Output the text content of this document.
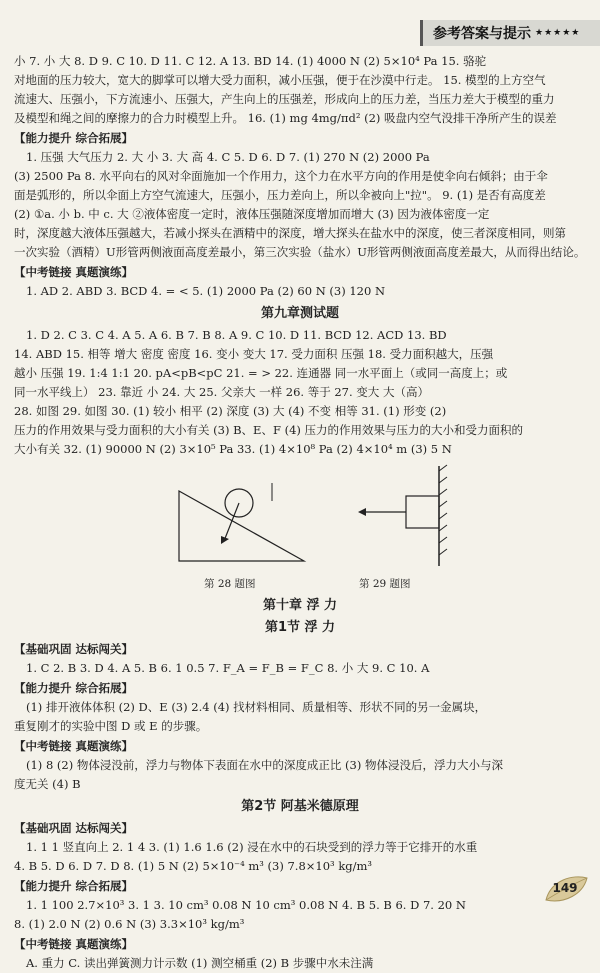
参考答案与提示 ★★★★★

小 7. 小 大 8. D 9. C 10. D 11. C 12. A 13. BD 14. (1) 4000 N (2) 5×10⁴ Pa 15. 骆驼

对地面的压力较大，宽大的脚掌可以增大受力面积，减小压强，便于在沙漠中行走。 15. 模型的上方空气

流速大、压强小，下方流速小、压强大，产生向上的压强差，形成向上的压力差，当压力差大于模型的重力

及模型和绳之间的摩擦力的合力时模型上升。 16. (1) mg 4mg/πd² (2) 吸盘内空气没排干净所产生的误差

【能力提升 综合拓展】

1. 压强 大气压力 2. 大 小 3. 大 高 4. C 5. D 6. D 7. (1) 270 N (2) 2000 Pa

(3) 2500 Pa 8. 水平向右的风对伞面施加一个作用力，这个力在水平方向的作用是使伞向右倾斜；由于伞

面是弧形的，所以伞面上方空气流速大，压强小，压力差向上，所以伞被向上"拉"。 9. (1) 是否有高度差

(2) ①a. 小 b. 中 c. 大 ②液体密度一定时，液体压强随深度增加而增大 (3) 因为液体密度一定

时，深度越大液体压强越大，若减小探头在酒精中的深度，增大探头在盐水中的深度，使三者深度相同，则第

一次实验（酒精）U形管两侧液面高度差最小，第三次实验（盐水）U形管两侧液面高度差最大，从而得出结论。

【中考链接 真题演练】

1. AD 2. ABD 3. BCD 4. = < 5. (1) 2000 Pa (2) 60 N (3) 120 N

第九章测试题

1. D 2. C 3. C 4. A 5. A 6. B 7. B 8. A 9. C 10. D 11. BCD 12. ACD 13. BD

14. ABD 15. 相等 增大 密度 密度 16. 变小 变大 17. 受力面积 压强 18. 受力面积越大，压强

越小 压强 19. 1:4 1:1 20. pA<pB<pC 21. = > 22. 连通器 同一水平面上（或同一高度上；或

同一水平线上） 23. 靠近 小 24. 大 25. 父亲大 一样 26. 等于 27. 变大 大（高）

28. 如图 29. 如图 30. (1) 较小 相平 (2) 深度 (3) 大 (4) 不变 相等 31. (1) 形变 (2)

压力的作用效果与受力面积的大小有关 (3) B、E、F (4) 压力的作用效果与压力的大小和受力面积的

大小有关 32. (1) 90000 N (2) 3×10⁵ Pa 33. (1) 4×10⁸ Pa (2) 4×10⁴ m (3) 5 N

第 28 题图	第 29 题图

第十章 浮 力

第1节 浮 力

【基础巩固 达标闯关】

1. C 2. B 3. D 4. A 5. B 6. 1 0.5 7. F_A = F_B = F_C 8. 小 大 9. C 10. A

【能力提升 综合拓展】

(1) 排开液体体积 (2) D、E (3) 2.4 (4) 找材料相同、质量相等、形状不同的另一金属块，

重复刚才的实验中图 D 或 E 的步骤。

【中考链接 真题演练】

(1) 8 (2) 物体浸没前，浮力与物体下表面在水中的深度成正比 (3) 物体浸没后，浮力大小与深

度无关 (4) B

第2节 阿基米德原理

【基础巩固 达标闯关】

1. 1 1 竖直向上 2. 1 4 3. (1) 1.6 1.6 (2) 浸在水中的石块受到的浮力等于它排开的水重

4. B 5. D 6. D 7. D 8. (1) 5 N (2) 5×10⁻⁴ m³ (3) 7.8×10³ kg/m³

【能力提升 综合拓展】

1. 1 100 2.7×10³ 3. 1 3. 10 cm³ 0.08 N 10 cm³ 0.08 N 4. B 5. B 6. D 7. 20 N

8. (1) 2.0 N (2) 0.6 N (3) 3.3×10³ kg/m³

【中考链接 真题演练】

A. 重力 C. 读出弹簧测力计示数 (1) 测空桶重 (2) B 步骤中水未注满

149
